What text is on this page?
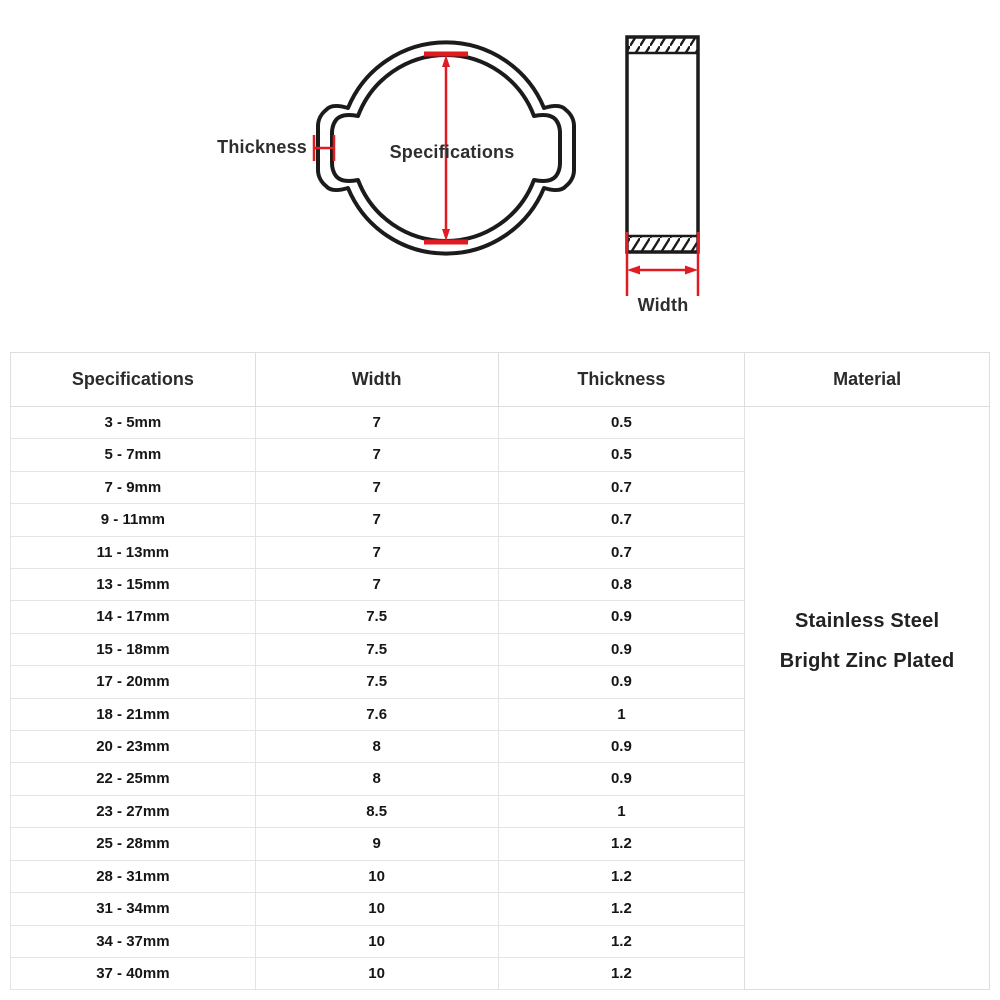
Thickness	Specifications
Width
Specifications	Width	Thickness	Material
3 - 5mm	7	0.5	Stainless Steel
Bright Zinc Plated

5 - 7mm	7	0.5	
7 - 9mm	7	0.7	
9 - 11mm	7	0.7	
11 - 13mm	7	0.7	
13 - 15mm	7	0.8	
14 - 17mm	7.5	0.9	
15 - 18mm	7.5	0.9	
17 - 20mm	7.5	0.9	
18 - 21mm	7.6	1	
20 - 23mm	8	0.9	
22 - 25mm	8	0.9	
23 - 27mm	8.5	1	
25 - 28mm	9	1.2	
28 - 31mm	10	1.2	
31 - 34mm	10	1.2	
34 - 37mm	10	1.2	
37 - 40mm	10	1.2	
